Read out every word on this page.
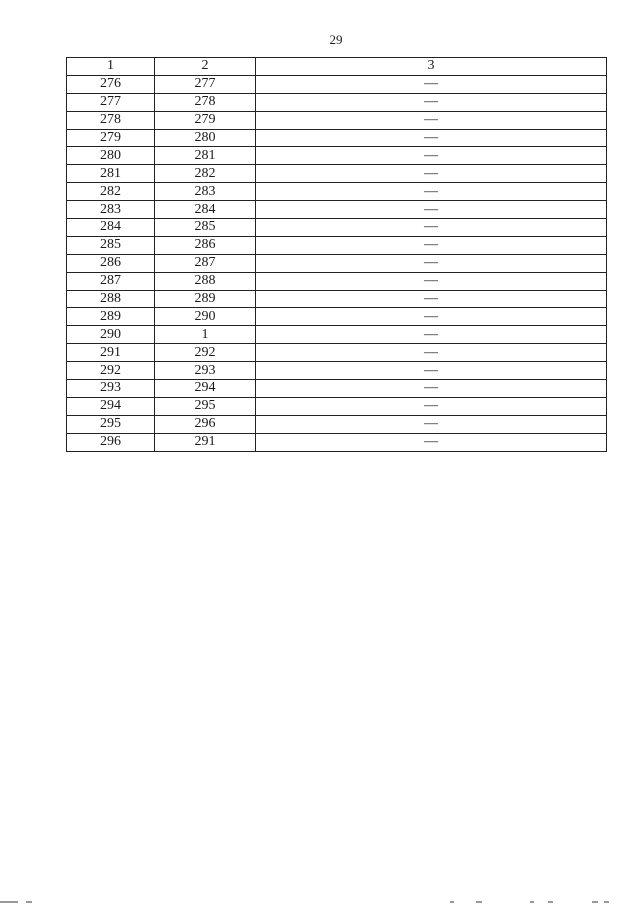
29
1	2	3
276	277	—
277	278	—
278	279	—
279	280	—
280	281	—
281	282	—
282	283	—
283	284	—
284	285	—
285	286	—
286	287	—
287	288	—
288	289	—
289	290	—
290	1	—
291	292	—
292	293	—
293	294	—
294	295	—
295	296	—
296	291	—
